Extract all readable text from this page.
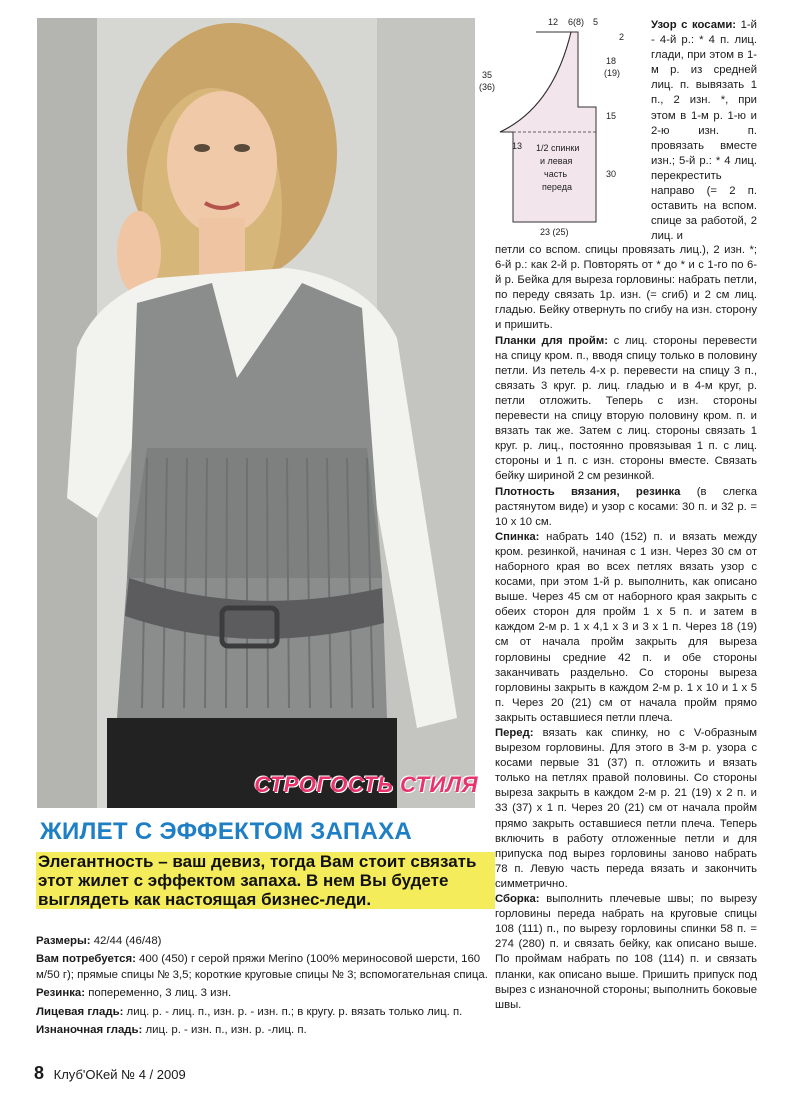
СТРОГОСТЬ СТИЛЯ
12 6(8) 5
35
(36)
2
18
(19)
15
30
13 1/2 спинки
и левая
часть
переда
23 (25)
Узор с косами: 1-й - 4-й р.: * 4 п. лиц. глади, при этом в 1-м р. из средней лиц. п. вывязать 1 п., 2 изн. *, при этом в 1-м р. 1-ю и 2-ю изн. п. провязать вместе изн.; 5-й р.: * 4 лиц. перекрестить направо (= 2 п. оставить на вспом. спице за работой, 2 лиц. и

петли со вспом. спицы провязать лиц.), 2 изн. *; 6-й р.: как 2-й р. Повторять от * до * и с 1-го по 6-й р. Бейка для выреза горловины: набрать петли, по переду связать 1р. изн. (= сгиб) и 2 см лиц. гладью. Бейку отвернуть по сгибу на изн. сторону и пришить.

Планки для пройм: с лиц. стороны перевести на спицу кром. п., вводя спицу только в половину петли. Из петель 4-х р. перевести на спицу 3 п., связать 3 круг. р. лиц. гладью и в 4-м круг, р. петли отложить. Теперь с изн. стороны перевести на спицу вторую половину кром. п. и вязать так же. Затем с лиц. стороны связать 1 круг. р. лиц., постоянно провязывая 1 п. с лиц. стороны и 1 п. с изн. стороны вместе. Связать бейку шириной 2 см резинкой.

Плотность вязания, резинка (в слегка растянутом виде) и узор с косами: 30 п. и 32 р. = 10 x 10 см.

Спинка: набрать 140 (152) п. и вязать между кром. резинкой, начиная с 1 изн. Через 30 см от наборного края во всех петлях вязать узор с косами, при этом 1-й р. выполнить, как описано выше. Через 45 см от наборного края закрыть с обеих сторон для пройм 1 x 5 п. и затем в каждом 2-м р. 1 x 4,1 x 3 и 3 x 1 п. Через 18 (19) см от начала пройм закрыть для выреза горловины средние 42 п. и обе стороны заканчивать раздельно. Со стороны выреза горловины закрыть в каждом 2-м р. 1 x 10 и 1 x 5 п. Через 20 (21) см от начала пройм прямо закрыть оставшиеся петли плеча.

Перед: вязать как спинку, но с V-образным вырезом горловины. Для этого в 3-м р. узора с косами первые 31 (37) п. отложить и вязать только на петлях правой половины. Со стороны выреза закрыть в каждом 2-м р. 21 (19) x 2 п. и 33 (37) x 1 п. Через 20 (21) см от начала пройм прямо закрыть оставшиеся петли плеча. Теперь включить в работу отложенные петли и для припуска под вырез горловины заново набрать 78 п. Левую часть переда вязать и закончить симметрично.

Сборка: выполнить плечевые швы; по вырезу горловины переда набрать на круговые спицы 108 (111) п., по вырезу горловины спинки 58 п. = 274 (280) п. и связать бейку, как описано выше. По проймам набрать по 108 (114) п. и связать планки, как описано выше. Пришить припуск под вырез с изнаночной стороны; выполнить боковые швы.

ЖИЛЕТ С ЭФФЕКТОМ ЗАПАХА
Элегантность – ваш девиз, тогда Вам стоит связать этот жилет с эффектом запаха. В нем Вы будете выглядеть как настоящая бизнес-леди.

Размеры: 42/44 (46/48)

Вам потребуется: 400 (450) г серой пряжи Merino (100% мериносовой шерсти, 160 м/50 г); прямые спицы № 3,5; короткие круговые спицы № 3; вспомогательная спица.

Резинка: попеременно, 3 лиц. 3 изн.

Лицевая гладь: лиц. р. - лиц. п., изн. р. - изн. п.; в кругу. р. вязать только лиц. п.

Изнаночная гладь: лиц. р. - изн. п., изн. р. -лиц. п.

8 Клуб'ОКей № 4 / 2009
